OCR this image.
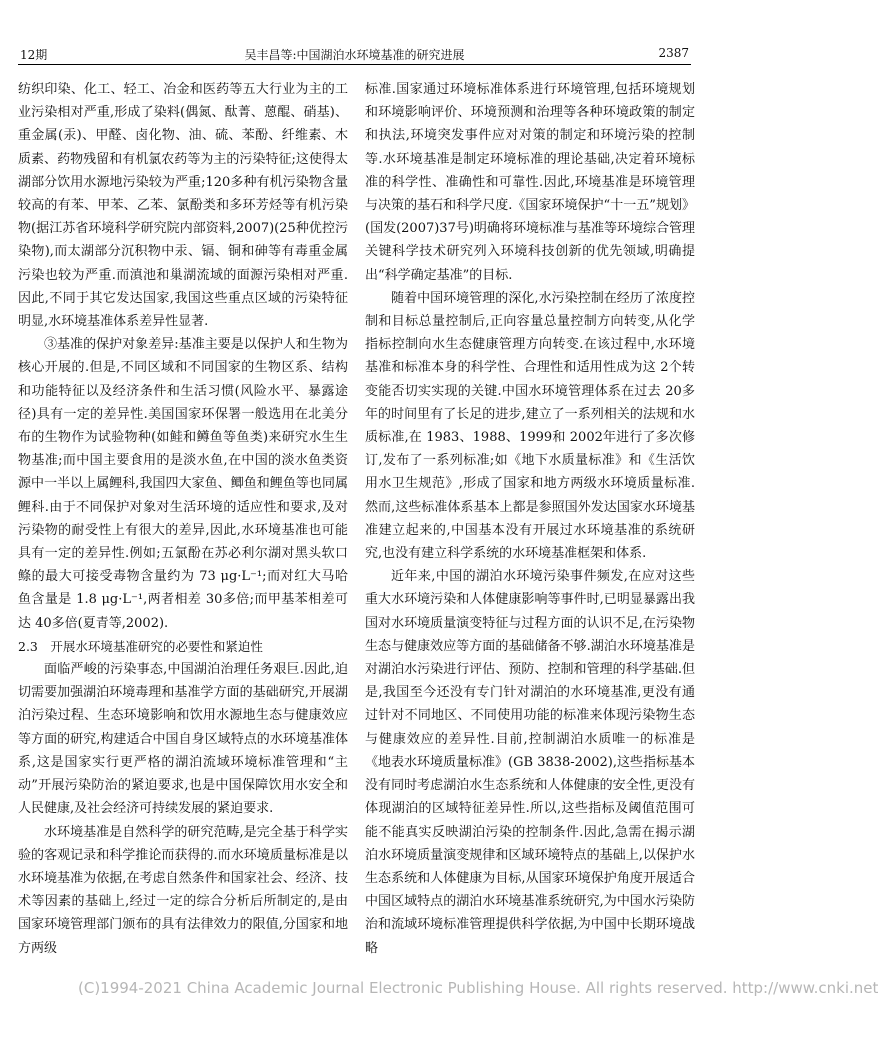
12期	吴丰昌等:中国湖泊水环境基准的研究进展	2387

纺织印染、化工、轻工、冶金和医药等五大行业为主的工业污染相对严重,形成了染料(偶氮、酞菁、蒽醌、硝基)、重金属(汞)、甲醛、卤化物、油、硫、苯酚、纤维素、木质素、药物残留和有机氯农药等为主的污染特征;这使得太湖部分饮用水源地污染较为严重;120多种有机污染物含量较高的有苯、甲苯、乙苯、氯酚类和多环芳烃等有机污染物(据江苏省环境科学研究院内部资料,2007)(25种优控污染物),而太湖部分沉积物中汞、镉、铜和砷等有毒重金属污染也较为严重.而滇池和巢湖流域的面源污染相对严重.因此,不同于其它发达国家,我国这些重点区域的污染特征明显,水环境基准体系差异性显著.

③基准的保护对象差异:基准主要是以保护人和生物为核心开展的.但是,不同区域和不同国家的生物区系、结构和功能特征以及经济条件和生活习惯(风险水平、暴露途径)具有一定的差异性.美国国家环保署一般选用在北美分布的生物作为试验物种(如鲑和鳟鱼等鱼类)来研究水生生物基准;而中国主要食用的是淡水鱼,在中国的淡水鱼类资源中一半以上属鲤科,我国四大家鱼、鲫鱼和鲤鱼等也同属鲤科.由于不同保护对象对生活环境的适应性和要求,及对污染物的耐受性上有很大的差异,因此,水环境基准也可能具有一定的差异性.例如;五氯酚在苏必利尔湖对黑头软口鲦的最大可接受毒物含量约为 73 μg·L⁻¹;而对红大马哈鱼含量是 1.8 μg·L⁻¹,两者相差 30多倍;而甲基苯相差可达 40多倍(夏青等,2002).

2.3　开展水环境基准研究的必要性和紧迫性

面临严峻的污染事态,中国湖泊治理任务艰巨.因此,迫切需要加强湖泊环境毒理和基准学方面的基础研究,开展湖泊污染过程、生态环境影响和饮用水源地生态与健康效应等方面的研究,构建适合中国自身区域特点的水环境基准体系,这是国家实行更严格的湖泊流域环境标准管理和“主动”开展污染防治的紧迫要求,也是中国保障饮用水安全和人民健康,及社会经济可持续发展的紧迫要求.

水环境基准是自然科学的研究范畴,是完全基于科学实验的客观记录和科学推论而获得的.而水环境质量标准是以水环境基准为依据,在考虑自然条件和国家社会、经济、技术等因素的基础上,经过一定的综合分析后所制定的,是由国家环境管理部门颁布的具有法律效力的限值,分国家和地方两级

标准.国家通过环境标准体系进行环境管理,包括环境规划和环境影响评价、环境预测和治理等各种环境政策的制定和执法,环境突发事件应对对策的制定和环境污染的控制等.水环境基准是制定环境标准的理论基础,决定着环境标准的科学性、准确性和可靠性.因此,环境基准是环境管理与决策的基石和科学尺度.《国家环境保护“十一五”规划》(国发(2007)37号)明确将环境标准与基准等环境综合管理关键科学技术研究列入环境科技创新的优先领域,明确提出“科学确定基准”的目标.

随着中国环境管理的深化,水污染控制在经历了浓度控制和目标总量控制后,正向容量总量控制方向转变,从化学指标控制向水生态健康管理方向转变.在该过程中,水环境基准和标准本身的科学性、合理性和适用性成为这 2个转变能否切实实现的关键.中国水环境管理体系在过去 20多年的时间里有了长足的进步,建立了一系列相关的法规和水质标准,在 1983、1988、1999和 2002年进行了多次修订,发布了一系列标准;如《地下水质量标准》和《生活饮用水卫生规范》,形成了国家和地方两级水环境质量标准.然而,这些标准体系基本上都是参照国外发达国家水环境基准建立起来的,中国基本没有开展过水环境基准的系统研究,也没有建立科学系统的水环境基准框架和体系.

近年来,中国的湖泊水环境污染事件频发,在应对这些重大水环境污染和人体健康影响等事件时,已明显暴露出我国对水环境质量演变特征与过程方面的认识不足,在污染物生态与健康效应等方面的基础储备不够.湖泊水环境基准是对湖泊水污染进行评估、预防、控制和管理的科学基础.但是,我国至今还没有专门针对湖泊的水环境基准,更没有通过针对不同地区、不同使用功能的标准来体现污染物生态与健康效应的差异性.目前,控制湖泊水质唯一的标准是《地表水环境质量标准》(GB 3838-2002),这些指标基本没有同时考虑湖泊水生态系统和人体健康的安全性,更没有体现湖泊的区域特征差异性.所以,这些指标及阈值范围可能不能真实反映湖泊污染的控制条件.因此,急需在揭示湖泊水环境质量演变规律和区域环境特点的基础上,以保护水生态系统和人体健康为目标,从国家环境保护角度开展适合中国区域特点的湖泊水环境基准系统研究,为中国水污染防治和流域环境标准管理提供科学依据,为中国中长期环境战略

(C)1994-2021 China Academic Journal Electronic Publishing House. All rights reserved. http://www.cnki.net
